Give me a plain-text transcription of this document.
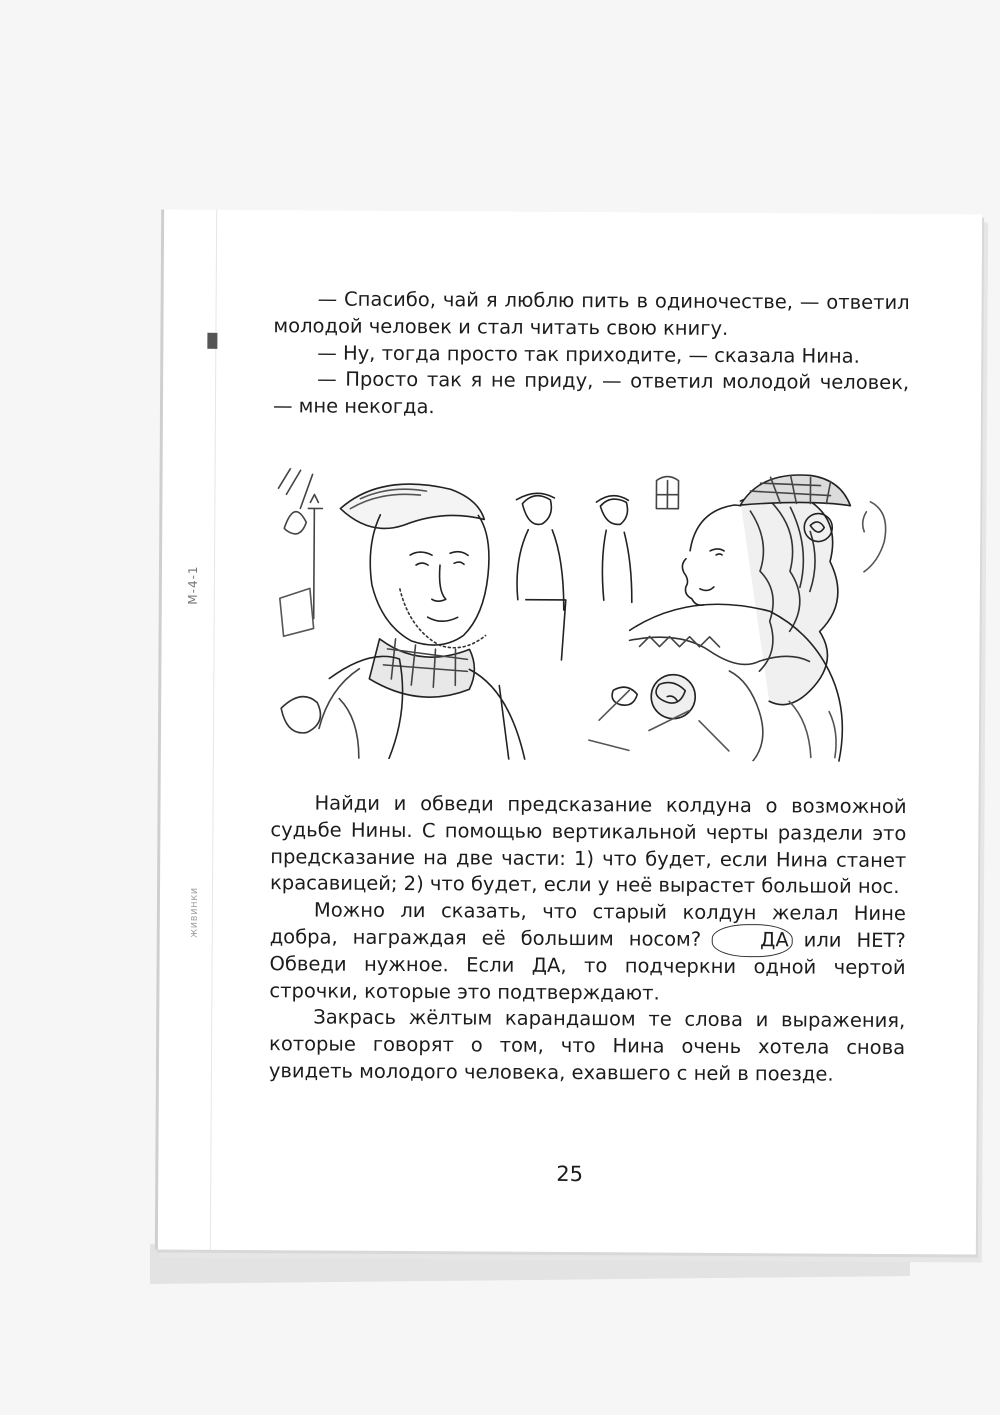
М-4-1
ЖИВИНКИ

— Спасибо, чай я люблю пить в одиночестве, — ответил молодой человек и стал читать свою книгу.

— Ну, тогда просто так приходите, — сказала Нина.

— Просто так я не приду, — ответил молодой человек, — мне некогда.

Найди и обведи предсказание колдуна о возможной судьбе Нины. С помощью вертикальной черты раздели это предсказание на две части: 1) что будет, если Нина станет красавицей; 2) что будет, если у неё вырастет большой нос.

Можно ли сказать, что старый колдун желал Нине добра, награждая её большим носом?	ДА или НЕТ? Обведи нужное. Если ДА, то подчеркни одной чертой строчки, которые это подтверждают.

Закрась жёлтым карандашом те слова и выражения, которые говорят о том, что Нина очень хотела снова увидеть молодого человека, ехавшего с ней в поезде.

25
